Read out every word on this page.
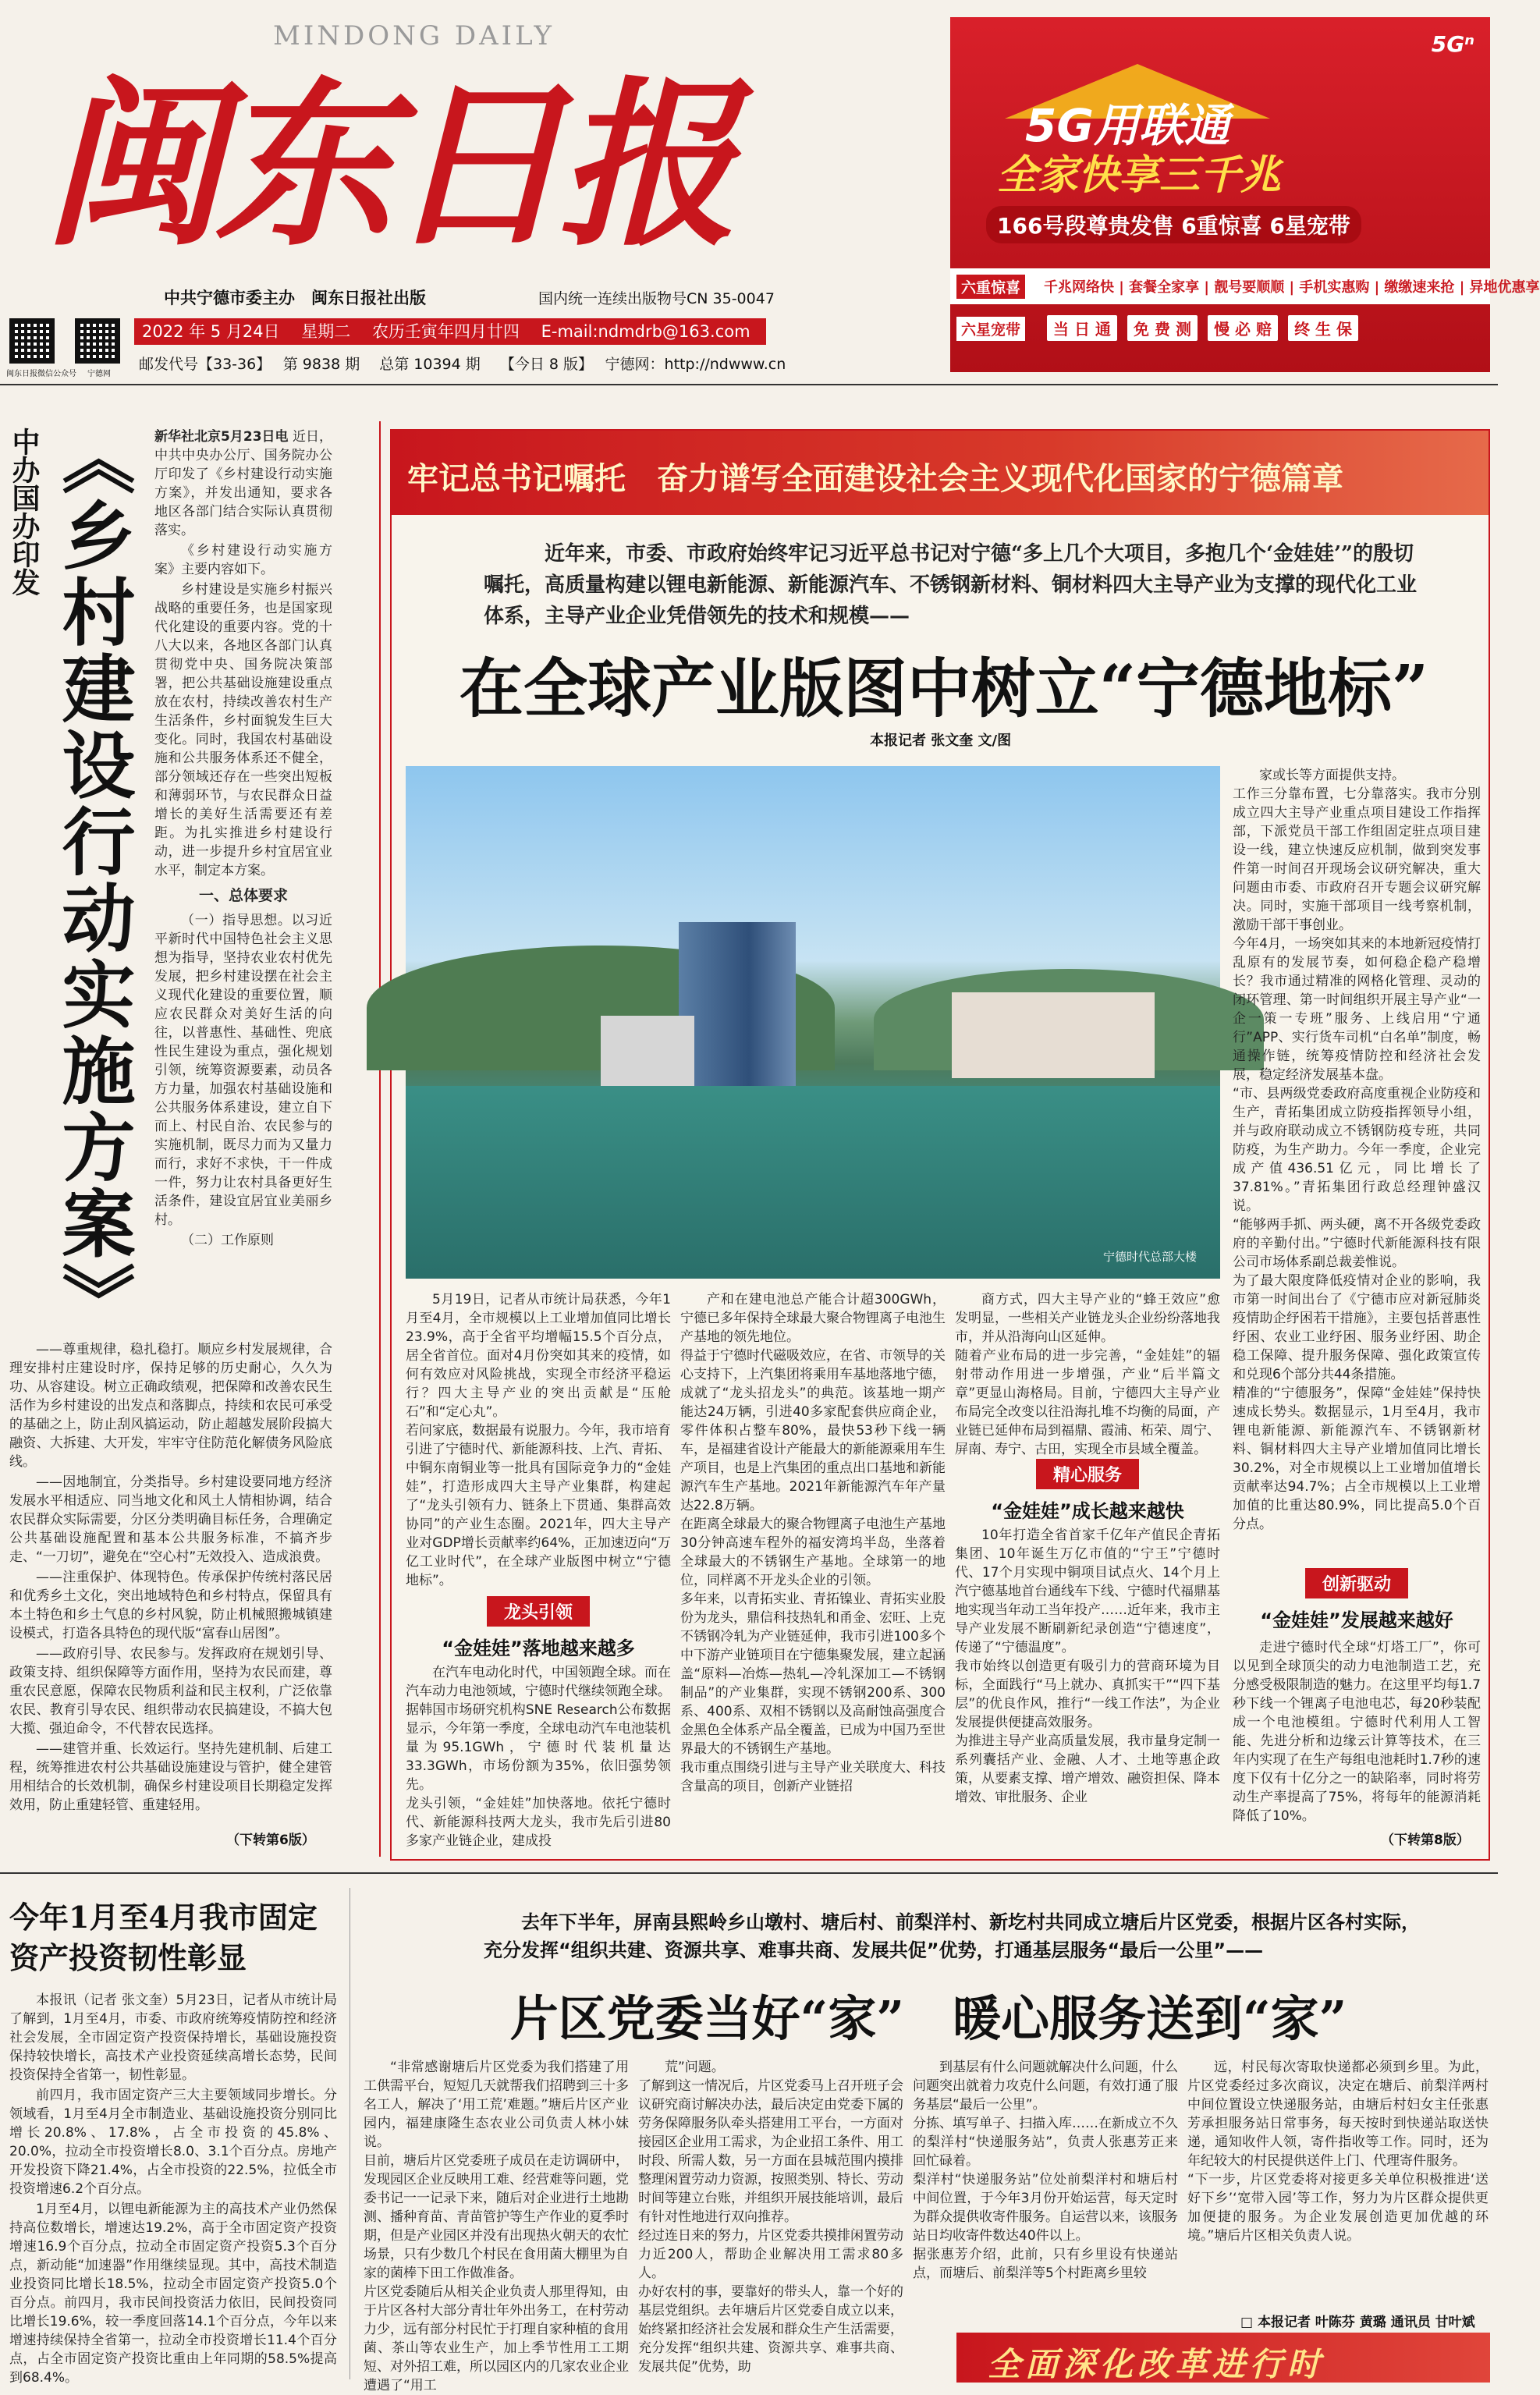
MINDONG DAILY
闽东日报
中共宁德市委主办　闽东日报社出版	国内统一连续出版物号CN 35-0047
闽东日报微信公众号 宁德网
2022 年 5 月24日　 星期二　 农历壬寅年四月廿四　 E-mail:ndmdrb@163.com
邮发代号【33-36】　 第 9838 期　 总第 10394 期　 【今日 8 版】　 宁德网：http://ndwww.cn
5Gⁿ
5G用联通
全家快享三千兆
166号段尊贵发售 6重惊喜 6星宠带
六重惊喜	千兆网络快 | 套餐全家享 | 靓号要顺顺 | 手机实惠购 | 缴缴速来抢 | 异地优惠享
六星宠带	当 日 通 免 费 测 慢 必 赔 终 生 保
中办国办印发 《乡村建设行动实施方案》 新华社北京5月23日电 近日，中共中央办公厅、国务院办公厅印发了《乡村建设行动实施方案》，并发出通知，要求各地区各部门结合实际认真贯彻落实。

《乡村建设行动实施方案》主要内容如下。

乡村建设是实施乡村振兴战略的重要任务，也是国家现代化建设的重要内容。党的十八大以来，各地区各部门认真贯彻党中央、国务院决策部署，把公共基础设施建设重点放在农村，持续改善农村生产生活条件，乡村面貌发生巨大变化。同时，我国农村基础设施和公共服务体系还不健全，部分领域还存在一些突出短板和薄弱环节，与农民群众日益增长的美好生活需要还有差距。为扎实推进乡村建设行动，进一步提升乡村宜居宜业水平，制定本方案。

一、总体要求

（一）指导思想。以习近平新时代中国特色社会主义思想为指导，坚持农业农村优先发展，把乡村建设摆在社会主义现代化建设的重要位置，顺应农民群众对美好生活的向往，以普惠性、基础性、兜底性民生建设为重点，强化规划引领，统筹资源要素，动员各方力量，加强农村基础设施和公共服务体系建设，建立自下而上、村民自治、农民参与的实施机制，既尽力而为又量力而行，求好不求快，干一件成一件，努力让农村具备更好生活条件，建设宜居宜业美丽乡村。

（二）工作原则

——尊重规律，稳扎稳打。顺应乡村发展规律，合理安排村庄建设时序，保持足够的历史耐心，久久为功、从容建设。树立正确政绩观，把保障和改善农民生活作为乡村建设的出发点和落脚点，持续和农民可承受的基础之上，防止刮风搞运动，防止超越发展阶段搞大融资、大拆建、大开发，牢牢守住防范化解债务风险底线。

——因地制宜，分类指导。乡村建设要同地方经济发展水平相适应、同当地文化和风土人情相协调，结合农民群众实际需要，分区分类明确目标任务，合理确定公共基础设施配置和基本公共服务标准，不搞齐步走、“一刀切”，避免在“空心村”无效投入、造成浪费。

——注重保护、体现特色。传承保护传统村落民居和优秀乡土文化，突出地域特色和乡村特点，保留具有本土特色和乡土气息的乡村风貌，防止机械照搬城镇建设模式，打造各具特色的现代版“富春山居图”。

——政府引导、农民参与。发挥政府在规划引导、政策支持、组织保障等方面作用，坚持为农民而建，尊重农民意愿，保障农民物质利益和民主权利，广泛依靠农民、教育引导农民、组织带动农民搞建设，不搞大包大揽、强迫命令，不代替农民选择。

——建管并重、长效运行。坚持先建机制、后建工程，统筹推进农村公共基础设施建设与管护，健全建管用相结合的长效机制，确保乡村建设项目长期稳定发挥效用，防止重建轻管、重建轻用。

（下转第6版）
牢记总书记嘱托　奋力谱写全面建设社会主义现代化国家的宁德篇章
近年来，市委、市政府始终牢记习近平总书记对宁德“多上几个大项目，多抱几个‘金娃娃’”的殷切嘱托，高质量构建以锂电新能源、新能源汽车、不锈钢新材料、铜材料四大主导产业为支撑的现代化工业体系，主导产业企业凭借领先的技术和规模——
在全球产业版图中树立“宁德地标”
本报记者 张文奎 文/图
宁德时代总部大楼
家或长等方面提供支持。
工作三分靠布置，七分靠落实。我市分别成立四大主导产业重点项目建设工作指挥部，下派党员干部工作组固定驻点项目建设一线，建立快速反应机制，做到突发事件第一时间召开现场会议研究解决，重大问题由市委、市政府召开专题会议研究解决。同时，实施干部项目一线考察机制，激励干部干事创业。
今年4月，一场突如其来的本地新冠疫情打乱原有的发展节奏，如何稳企稳产稳增长？我市通过精准的网格化管理、灵动的闭环管理、第一时间组织开展主导产业“一企一策一专班”服务、上线启用“宁通行”APP、实行货车司机“白名单”制度，畅通操作链，统筹疫情防控和经济社会发展，稳定经济发展基本盘。
“市、县两级党委政府高度重视企业防疫和生产，青拓集团成立防疫指挥领导小组，并与政府联动成立不锈钢防疫专班，共同防疫，为生产助力。今年一季度，企业完成产值436.51亿元，同比增长了37.81%。”青拓集团行政总经理钟盛汉说。
“能够两手抓、两头硬，离不开各级党委政府的辛勤付出。”宁德时代新能源科技有限公司市场体系副总裁姜惟说。
为了最大限度降低疫情对企业的影响，我市第一时间出台了《宁德市应对新冠肺炎疫情助企纾困若干措施》，主要包括普惠性纾困、农业工业纾困、服务业纾困、助企稳工保障、提升服务保障、强化政策宣传和兑现6个部分共44条措施。
精准的“宁德服务”，保障“金娃娃”保持快速成长势头。数据显示，1月至4月，我市锂电新能源、新能源汽车、不锈钢新材料、铜材料四大主导产业增加值同比增长30.2%，对全市规模以上工业增加值增长贡献率达94.7%；占全市规模以上工业增加值的比重达80.9%，同比提高5.0个百分点。
创新驱动
“金娃娃”发展越来越好
走进宁德时代全球“灯塔工厂”，你可以见到全球顶尖的动力电池制造工艺，充分感受极限制造的魅力。在这里平均每1.7秒下线一个锂离子电池电芯，每20秒装配成一个电池模组。宁德时代利用人工智能、先进分析和边缘云计算等技术，在三年内实现了在生产每组电池耗时1.7秒的速度下仅有十亿分之一的缺陷率，同时将劳动生产率提高了75%，将每年的能源消耗降低了10%。
（下转第8版）
5月19日，记者从市统计局获悉，今年1月至4月，全市规模以上工业增加值同比增长23.9%，高于全省平均增幅15.5个百分点，居全省首位。面对4月份突如其来的疫情，如何有效应对风险挑战，实现全市经济平稳运行？四大主导产业的突出贡献是“压舱石”和“定心丸”。
若问家底，数据最有说服力。今年，我市培育引进了宁德时代、新能源科技、上汽、青拓、中铜东南铜业等一批具有国际竞争力的“金娃娃”，打造形成四大主导产业集群，构建起了“龙头引领有力、链条上下贯通、集群高效协同”的产业生态圈。2021年，四大主导产业对GDP增长贡献率约64%，正加速迈向“万亿工业时代”，在全球产业版图中树立“宁德地标”。
龙头引领
“金娃娃”落地越来越多
在汽车电动化时代，中国领跑全球。而在汽车动力电池领域，宁德时代继续领跑全球。据韩国市场研究机构SNE Research公布数据显示，今年第一季度，全球电动汽车电池装机量为95.1GWh，宁德时代装机量达33.3GWh，市场份额为35%，依旧强势领先。
龙头引领，“金娃娃”加快落地。依托宁德时代、新能源科技两大龙头，我市先后引进80多家产业链企业，建成投
产和在建电池总产能合计超300GWh，宁德已多年保持全球最大聚合物锂离子电池生产基地的领先地位。
得益于宁德时代磁吸效应，在省、市领导的关心支持下，上汽集团将乘用车基地落地宁德，成就了“龙头招龙头”的典范。该基地一期产能达24万辆，引进40多家配套供应商企业，零件体积占整车80%，最快53秒下线一辆车，是福建省设计产能最大的新能源乘用车生产项目，也是上汽集团的重点出口基地和新能源汽车生产基地。2021年新能源汽车年产量达22.8万辆。
在距离全球最大的聚合物锂离子电池生产基地30分钟高速车程外的福安湾坞半岛，坐落着全球最大的不锈钢生产基地。全球第一的地位，同样离不开龙头企业的引领。
多年来，以青拓实业、青拓镍业、青拓实业股份为龙头，鼎信科技热轧和甬金、宏旺、上克不锈钢冷轧为产业链延伸，我市引进100多个中下游产业链项目在宁德集聚发展，建立起涵盖“原料—冶炼—热轧—冷轧深加工—不锈钢制品”的产业集群，实现不锈钢200系、300系、400系、双相不锈钢以及高耐蚀高强度合金黑色全体系产品全覆盖，已成为中国乃至世界最大的不锈钢生产基地。
我市重点围绕引进与主导产业关联度大、科技含量高的项目，创新产业链招
商方式，四大主导产业的“蜂王效应”愈发明显，一些相关产业链龙头企业纷纷落地我市，并从沿海向山区延伸。
随着产业布局的进一步完善，“金娃娃”的辐射带动作用进一步增强，产业“后半篇文章”更显山海格局。目前，宁德四大主导产业布局完全改变以往沿海扎堆不均衡的局面，产业链已延伸布局到福鼎、霞浦、柘荣、周宁、屏南、寿宁、古田，实现全市县域全覆盖。
精心服务
“金娃娃”成长越来越快
10年打造全省首家千亿年产值民企青拓集团、10年诞生万亿市值的“宁王”宁德时代、17个月实现中铜项目试点火、14个月上汽宁德基地首台通线车下线、宁德时代福鼎基地实现当年动工当年投产……近年来，我市主导产业发展不断刷新纪录创造“宁德速度”，传递了“宁德温度”。
我市始终以创造更有吸引力的营商环境为目标，全面践行“马上就办、真抓实干”“四下基层”的优良作风，推行“一线工作法”，为企业发展提供便捷高效服务。
为推进主导产业高质量发展，我市量身定制一系列囊括产业、金融、人才、土地等惠企政策，从要素支撑、增产增效、融资担保、降本增效、审批服务、企业
今年1月至4月我市固定资产投资韧性彰显

本报讯（记者 张文奎）5月23日，记者从市统计局了解到，1月至4月，市委、市政府统筹疫情防控和经济社会发展，全市固定资产投资保持增长，基础设施投资保持较快增长，高技术产业投资延续高增长态势，民间投资保持全省第一，韧性彰显。

前四月，我市固定资产三大主要领域同步增长。分领域看，1月至4月全市制造业、基础设施投资分别同比增长20.8%、17.8%，占全市投资的45.8%、20.0%，拉动全市投资增长8.0、3.1个百分点。房地产开发投资下降21.4%，占全市投资的22.5%，拉低全市投资增速6.2个百分点。

1月至4月，以锂电新能源为主的高技术产业仍然保持高位数增长，增速达19.2%，高于全市固定资产投资增速16.9个百分点，拉动全市固定资产投资5.3个百分点，新动能“加速器”作用继续显现。其中，高技术制造业投资同比增长18.5%，拉动全市固定资产投资5.0个百分点。前四月，我市民间投资活力依旧，民间投资同比增长19.6%，较一季度回落14.1个百分点，今年以来增速持续保持全省第一，拉动全市投资增长11.4个百分点，占全市固定资产投资比重由上年同期的58.5%提高到68.4%。

去年下半年，屏南县熙岭乡山墩村、塘后村、前梨洋村、新圪村共同成立塘后片区党委，根据片区各村实际，充分发挥“组织共建、资源共享、难事共商、发展共促”优势，打通基层服务“最后一公里”——
片区党委当好“家”　暖心服务送到“家”
“非常感谢塘后片区党委为我们搭建了用工供需平台，短短几天就帮我们招聘到三十多名工人，解决了‘用工荒’难题。”塘后片区产业园内，福建康隆生态农业公司负责人林小妹说。
目前，塘后片区党委班子成员在走访调研中，发现园区企业反映用工难、经营难等问题，党委书记一一记录下来，随后对企业进行土地勘测、播种育苗、青苗管护等生产作业的夏季时期，但是产业园区并没有出现热火朝天的农忙场景，只有少数几个村民在食用菌大棚里为自家的菌棒下田工作做准备。
片区党委随后从相关企业负责人那里得知，由于片区各村大部分青壮年外出务工，在村劳动力少，远有部分村民忙于打理自家种植的食用菌、茶山等农业生产，加上季节性用工工期短、对外招工难，所以园区内的几家农业企业遭遇了“用工
荒”问题。
了解到这一情况后，片区党委马上召开班子会议研究商讨解决办法，最后决定由党委下属的劳务保障服务队牵头搭建用工平台，一方面对接园区企业用工需求，为企业招工条件、用工时段、所需人数，另一方面在县城范围内摸排整理闲置劳动力资源，按照类别、特长、劳动时间等建立台账，并组织开展技能培训，最后有针对性地进行双向推荐。
经过连日来的努力，片区党委共摸排闲置劳动力近200人，帮助企业解决用工需求80多人。
办好农村的事，要靠好的带头人，靠一个好的基层党组织。去年塘后片区党委自成立以来，始终紧扣经济社会发展和群众生产生活需要，充分发挥“组织共建、资源共享、难事共商、发展共促”优势，助
到基层有什么问题就解决什么问题，什么问题突出就着力攻克什么问题，有效打通了服务基层“最后一公里”。
分拣、填写单子、扫描入库……在新成立不久的梨洋村“快递服务站”，负责人张惠芳正来回忙碌着。
梨洋村“快递服务站”位处前梨洋村和塘后村中间位置，于今年3月份开始运营，每天定时为群众提供收寄件服务。自运营以来，该服务站日均收寄件数达40件以上。
据张惠芳介绍，此前，只有乡里设有快递站点，而塘后、前梨洋等5个村距离乡里较
远，村民每次寄取快递都必须到乡里。为此，片区党委经过多次商议，决定在塘后、前梨洋两村中间位置设立快递服务站，由塘后村妇女主任张惠芳承担服务站日常事务，每天按时到快递站取送快递，通知收件人领，寄件指收等工作。同时，还为年纪较大的村民提供送件上门、代理寄件服务。
“下一步，片区党委将对接更多关单位积极推进‘送好下乡’‘宽带入园’等工作，努力为片区群众提供更加便捷的服务。为企业发展创造更加优越的环境。”塘后片区相关负责人说。
□ 本报记者 叶陈芬 黄璐 通讯员 甘叶斌
全面深化改革进行时
